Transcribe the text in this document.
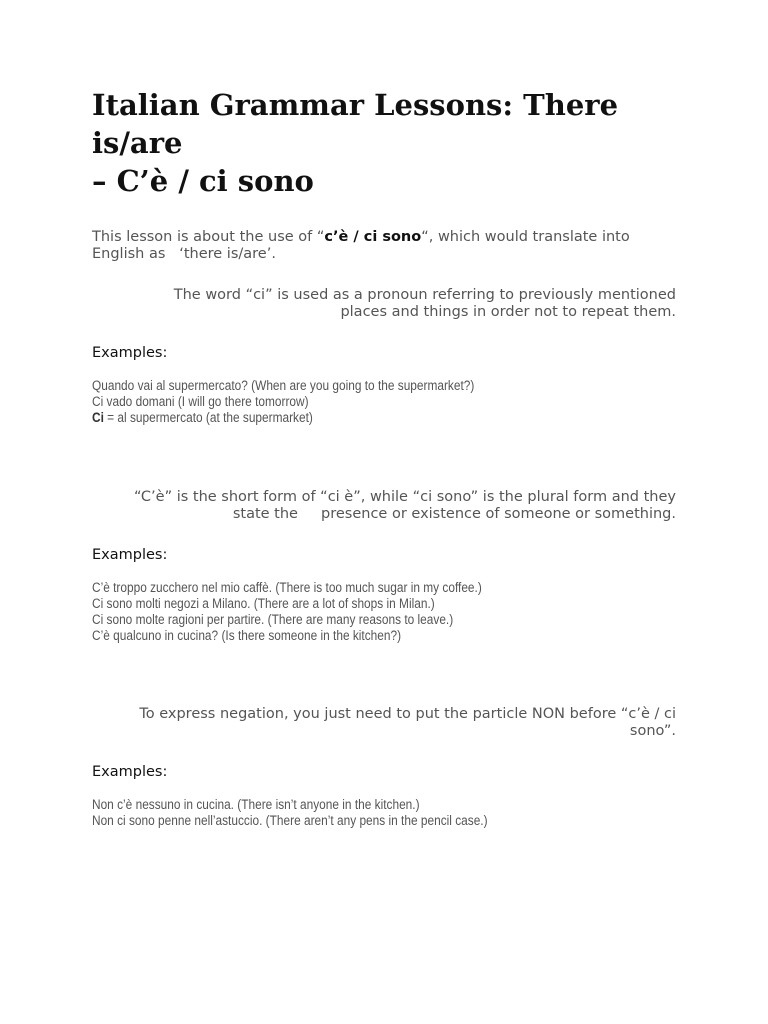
Italian Grammar Lessons: There is/are
– C’è / ci sono
This lesson is about the use of “c’è / ci sono“, which would translate into
English as   ‘there is/are’.
The word “ci” is used as a pronoun referring to previously mentioned
places and things in order not to repeat them.
Examples:
Quando vai al supermercato? (When are you going to the supermarket?)
Ci vado domani (I will go there tomorrow)
Ci = al supermercato (at the supermarket)
“C’è” is the short form of “ci è”, while “ci sono” is the plural form and they
state the     presence or existence of someone or something.
Examples:
C’è troppo zucchero nel mio caffè. (There is too much sugar in my coffee.)
Ci sono molti negozi a Milano. (There are a lot of shops in Milan.)
Ci sono molte ragioni per partire. (There are many reasons to leave.)
C’è qualcuno in cucina? (Is there someone in the kitchen?)
To express negation, you just need to put the particle NON before “c’è / ci
sono”.
Examples:
Non c’è nessuno in cucina. (There isn’t anyone in the kitchen.)
Non ci sono penne nell’astuccio. (There aren’t any pens in the pencil case.)
